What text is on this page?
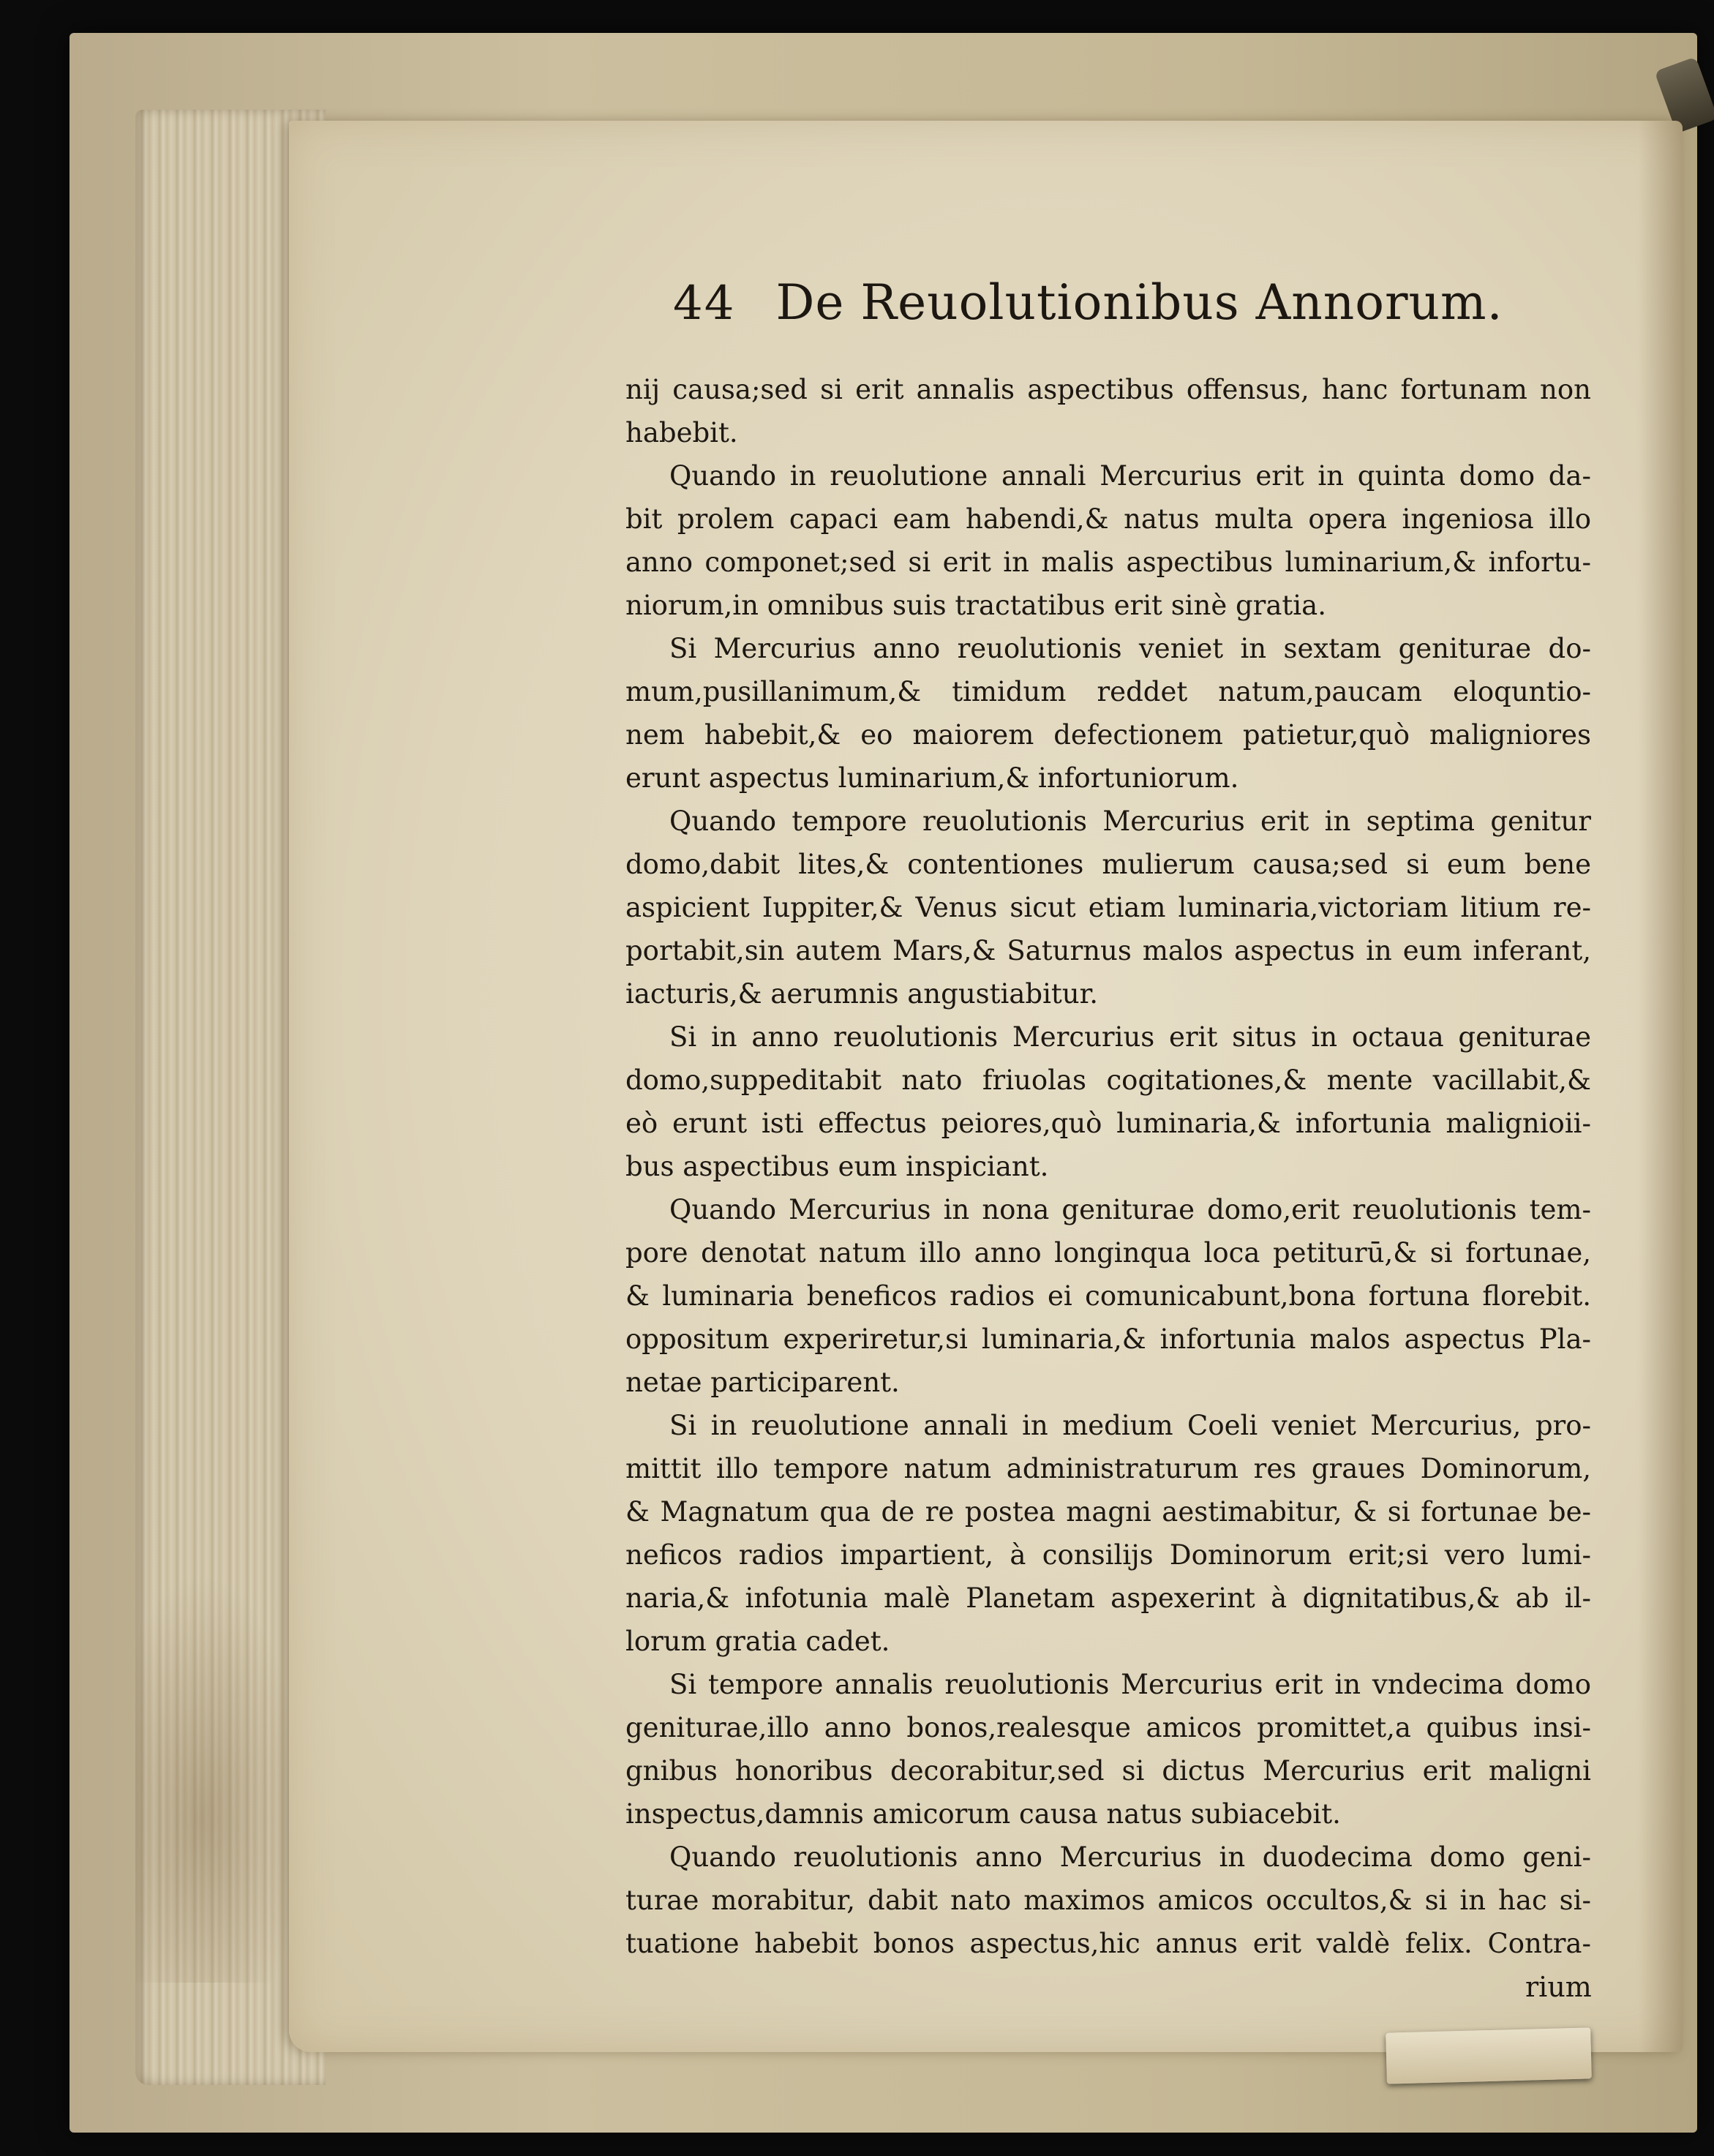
44 De Reuolutionibus Annorum.
nij causa;sed si erit annalis aspectibus offensus, hanc fortunam non
habebit.
Quando in reuolutione annali Mercurius erit in quinta domo da-
bit prolem capaci eam habendi,& natus multa opera ingeniosa illo
anno componet;sed si erit in malis aspectibus luminarium,& infortu-
niorum,in omnibus suis tractatibus erit sinè gratia.
Si Mercurius anno reuolutionis veniet in sextam geniturae do-
mum,pusillanimum,& timidum reddet natum,paucam eloquntio-
nem habebit,& eo maiorem defectionem patietur,quò maligniores
erunt aspectus luminarium,& infortuniorum.
Quando tempore reuolutionis Mercurius erit in septima genitur
domo,dabit lites,& contentiones mulierum causa;sed si eum bene
aspicient Iuppiter,& Venus sicut etiam luminaria,victoriam litium re-
portabit,sin autem Mars,& Saturnus malos aspectus in eum inferant,
iacturis,& aerumnis angustiabitur.
Si in anno reuolutionis Mercurius erit situs in octaua geniturae
domo,suppeditabit nato friuolas cogitationes,& mente vacillabit,&
eò erunt isti effectus peiores,quò luminaria,& infortunia malignioii-
bus aspectibus eum inspiciant.
Quando Mercurius in nona geniturae domo,erit reuolutionis tem-
pore denotat natum illo anno longinqua loca petiturū,& si fortunae,
& luminaria beneficos radios ei comunicabunt,bona fortuna florebit.
oppositum experiretur,si luminaria,& infortunia malos aspectus Pla-
netae participarent.
Si in reuolutione annali in medium Coeli veniet Mercurius, pro-
mittit illo tempore natum administraturum res graues Dominorum,
& Magnatum qua de re postea magni aestimabitur, & si fortunae be-
neficos radios impartient, à consilijs Dominorum erit;si vero lumi-
naria,& infotunia malè Planetam aspexerint à dignitatibus,& ab il-
lorum gratia cadet.
Si tempore annalis reuolutionis Mercurius erit in vndecima domo
geniturae,illo anno bonos,realesque amicos promittet,a quibus insi-
gnibus honoribus decorabitur,sed si dictus Mercurius erit maligni
inspectus,damnis amicorum causa natus subiacebit.
Quando reuolutionis anno Mercurius in duodecima domo geni-
turae morabitur, dabit nato maximos amicos occultos,& si in hac si-
tuatione habebit bonos aspectus,hic annus erit valdè felix. Contra-
rium
